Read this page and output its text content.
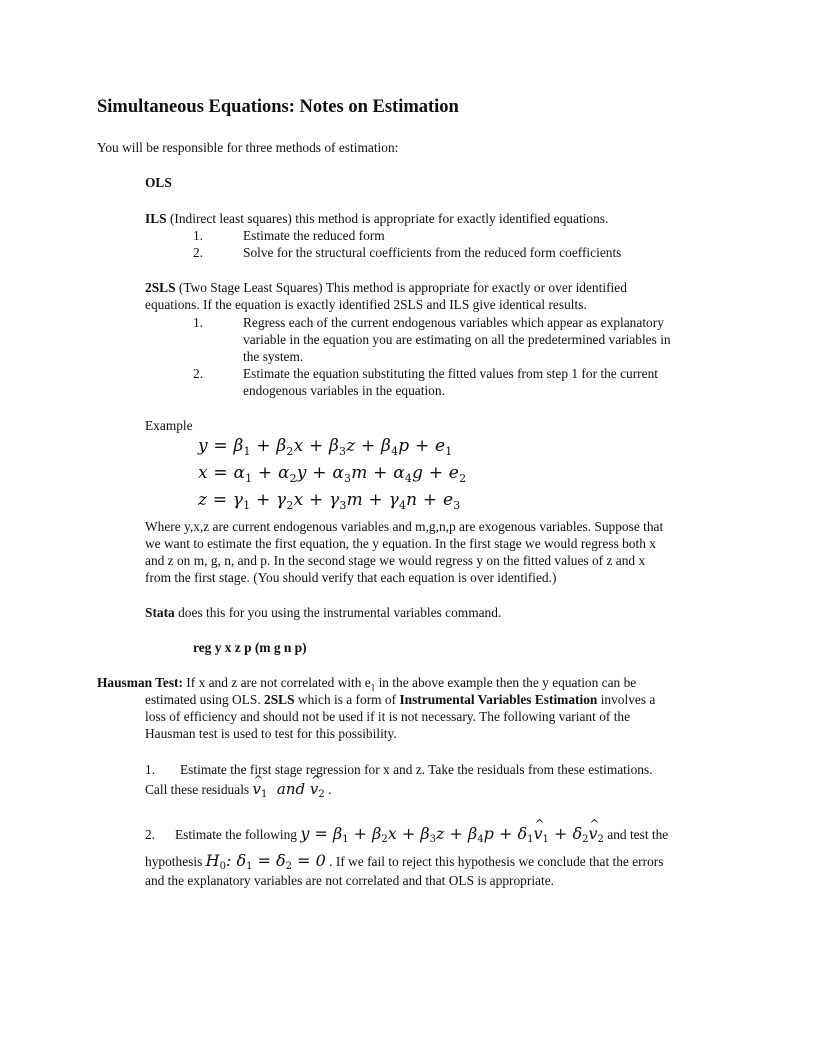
Simultaneous Equations: Notes on Estimation
You will be responsible for three methods of estimation:
OLS
ILS (Indirect least squares) this method is appropriate for exactly identified equations.
1.	Estimate the reduced form
2.	Solve for the structural coefficients from the reduced form coefficients
2SLS (Two Stage Least Squares) This method is appropriate for exactly or over identified
equations. If the equation is exactly identified 2SLS and ILS give identical results.
1.	Regress each of the current endogenous variables which appear as explanatory
variable in the equation you are estimating on all the predetermined variables in
the system.
2.	Estimate the equation substituting the fitted values from step 1 for the current
endogenous variables in the equation.
Example
$y = \beta_1 + \beta_2x + \beta_3z + \beta_4p + e_1$
$x = \alpha_1 + \alpha_2y + \alpha_3m + \alpha_4g + e_2$
$z = \gamma_1 + \gamma_2x + \gamma_3m + \gamma_4n + e_3$
Where y,x,z are current endogenous variables and m,g,n,p are exogenous variables. Suppose that
we want to estimate the first equation, the y equation. In the first stage we would regress both x
and z on m, g, n, and p. In the second stage we would regress y on the fitted values of z and x
from the first stage. (You should verify that each equation is over identified.)
Stata does this for you using the instrumental variables command.
reg y x z p (m g n p)
Hausman Test: If x and z are not correlated with $e_1$ in the above example then the y equation can be
estimated using OLS. 2SLS which is a form of Instrumental Variables Estimation involves a
loss of efficiency and should not be used if it is not necessary. The following variant of the
Hausman test is used to test for this possibility.
1. Estimate the first stage regression for x and z. Take the residuals from these estimations.
Call these residuals ^ $v_1$  and ^ $v_2$ .
2. Estimate the following $y = \beta_1 + \beta_2x + \beta_3z + \beta_4p$ + $\delta_1\^{}$ $v_1$ + $\delta_2\^{}$ $v_2$ and test the
hypothesis $H_0$: $\delta_1 = \delta_2 = 0$ . If we fail to reject this hypothesis we conclude that the errors
and the explanatory variables are not correlated and that OLS is appropriate.
